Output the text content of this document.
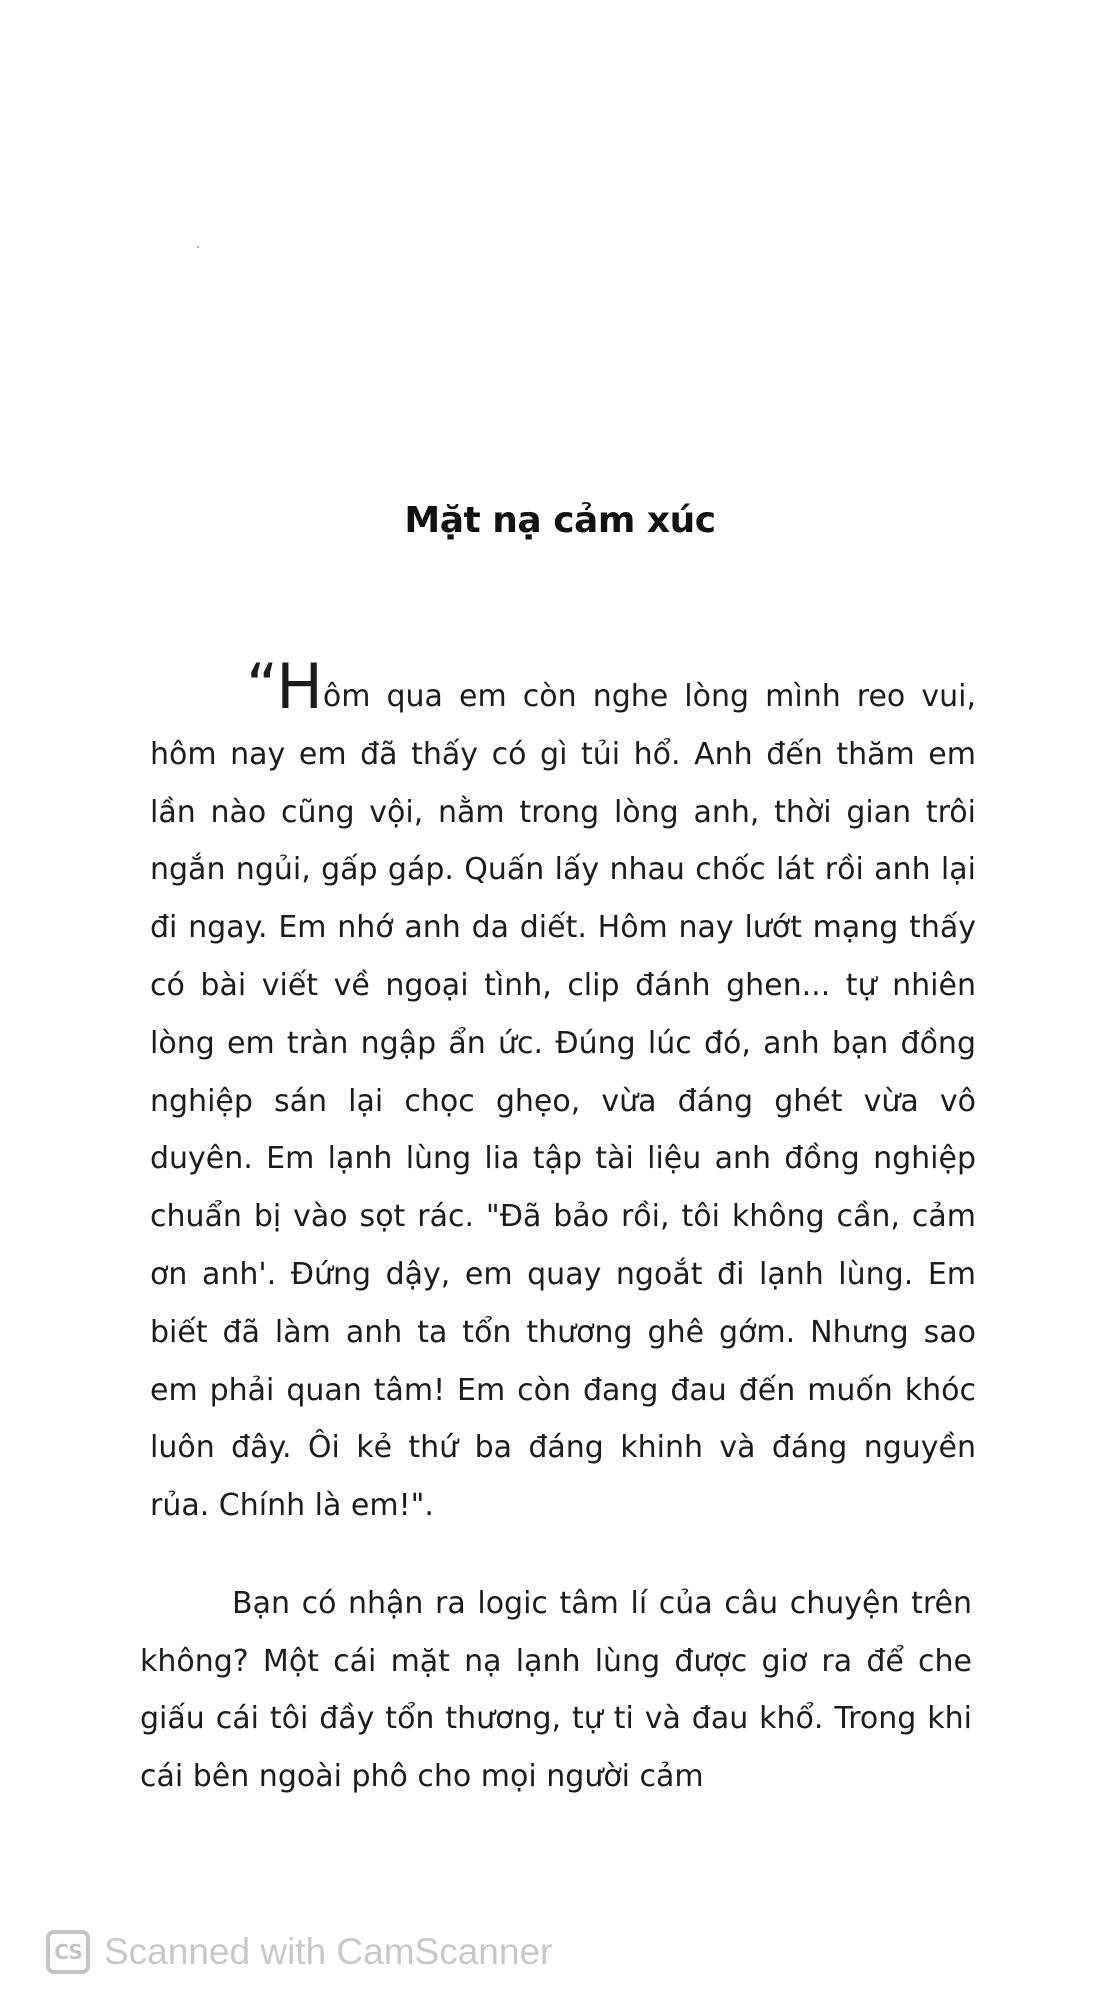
Mặt nạ cảm xúc

“Hôm qua em còn nghe lòng mình reo vui, hôm nay em đã thấy có gì tủi hổ. Anh đến thăm em lần nào cũng vội, nằm trong lòng anh, thời gian trôi ngắn ngủi, gấp gáp. Quấn lấy nhau chốc lát rồi anh lại đi ngay. Em nhớ anh da diết. Hôm nay lướt mạng thấy có bài viết về ngoại tình, clip đánh ghen... tự nhiên lòng em tràn ngập ẩn ức. Đúng lúc đó, anh bạn đồng nghiệp sán lại chọc ghẹo, vừa đáng ghét vừa vô duyên. Em lạnh lùng lia tập tài liệu anh đồng nghiệp chuẩn bị vào sọt rác. "Đã bảo rồi, tôi không cần, cảm ơn anh'. Đứng dậy, em quay ngoắt đi lạnh lùng. Em biết đã làm anh ta tổn thương ghê gớm. Nhưng sao em phải quan tâm! Em còn đang đau đến muốn khóc luôn đây. Ôi kẻ thứ ba đáng khinh và đáng nguyền rủa. Chính là em!".

Bạn có nhận ra logic tâm lí của câu chuyện trên không? Một cái mặt nạ lạnh lùng được giơ ra để che giấu cái tôi đầy tổn thương, tự ti và đau khổ. Trong khi cái bên ngoài phô cho mọi người cảm

CS Scanned with CamScanner
